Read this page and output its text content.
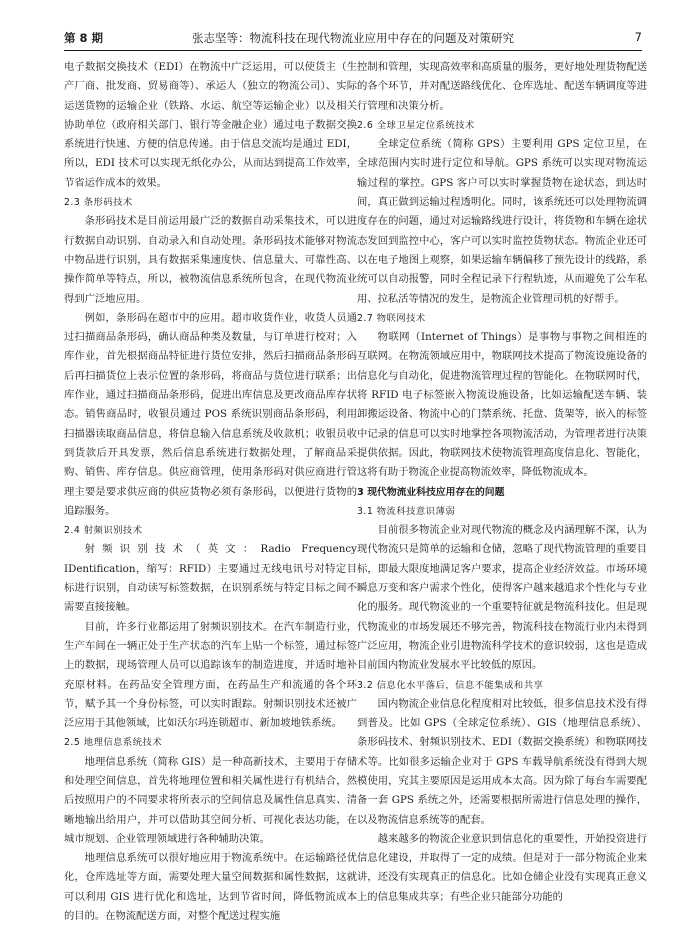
第 8 期	张志坚等：物流科技在现代物流业应用中存在的问题及对策研究	7

电子数据交换技术（EDI）在物流中广泛运用，可以使货主（生产厂商、批发商、贸易商等）、承运人（独立的物流公司）、实际运送货物的运输企业（铁路、水运、航空等运输企业）以及相关协助单位（政府相关部门、银行等金融企业）通过电子数据交换系统进行快速、方便的信息传递。由于信息交流均是通过 EDI，所以，EDI 技术可以实现无纸化办公，从而达到提高工作效率，节省运作成本的效果。

2.3 条形码技术

条形码技术是目前运用最广泛的数据自动采集技术，可以进行数据自动识别、自动录入和自动处理。条形码技术能够对物流中物品进行识别，具有数据采集速度快、信息量大、可靠性高、操作简单等特点，所以，被物流信息系统所包含，在现代物流业得到广泛地应用。

例如，条形码在超市中的应用。超市收货作业，收货人员通过扫描商品条形码，确认商品种类及数量，与订单进行校对；入库作业，首先根据商品特征进行货位安排，然后扫描商品条形码后再扫描货位上表示位置的条形码，将商品与货位进行联系；出库作业，通过扫描商品条形码，促进出库信息及更改商品库存状态。销售商品时，收银员通过 POS 系统识别商品条形码，利用扫描器读取商品信息，将信息输入信息系统及收款机；收银员收到货款后开具发票，然后信息系统进行数据处理，了解商品采购、销售、库存信息。供应商管理，使用条形码对供应商进行管理主要是要求供应商的供应货物必须有条形码，以便进行货物的追踪服务。

2.4 射频识别技术

射频识别技术（英文：Radio Frequency IDentification，缩写：RFID）主要通过无线电讯号对特定目标进行识别，自动读写标签数据，在识别系统与特定目标之间不需要直接接触。

目前，许多行业都运用了射频识别技术。在汽车制造行业，生产车间在一辆正处于生产状态的汽车上贴一个标签，通过标签上的数据，现场管理人员可以追踪该车的制造进度，并适时地补充原材料。在药品安全管理方面，在药品生产和流通的各个环节，赋予其一个身份标签，可以实时跟踪。射频识别技术还被广泛应用于其他领域，比如沃尔玛连锁超市、新加坡地铁系统。

2.5 地理信息系统技术

地理信息系统（简称 GIS）是一种高新技术，主要用于存储和处理空间信息，首先将地理位置和相关属性进行有机结合，然后按照用户的不同要求将所表示的空间信息及属性信息真实、清晰地输出给用户，并可以借助其空间分析、可视化表达功能，在城市规划、企业管理领域进行各种辅助决策。

地理信息系统可以很好地应用于物流系统中。在运输路径优化，仓库选址等方面，需要处理大量空间数据和属性数据，这就可以利用 GIS 进行优化和选址，达到节省时间，降低物流成本的目的。在物流配送方面，对整个配送过程实施

控制和管理，实现高效率和高质量的服务，更好地处理货物配送的各个环节，并对配送路线优化、仓库选址、配送车辆调度等进行管理和决策分析。

2.6 全球卫星定位系统技术

全球定位系统（简称 GPS）主要利用 GPS 定位卫星，在全球范围内实时进行定位和导航。GPS 系统可以实现对物流运输过程的掌控。GPS 客户可以实时掌握货物在途状态，到达时间，真正做到运输过程透明化。同时，该系统还可以处理物流调度存在的问题，通过对运输路线进行设计，将货物和车辆在途状态发回到监控中心，客户可以实时监控货物状态。物流企业还可以在电子地图上观察，如果运输车辆偏移了预先设计的线路，系统可以自动报警，同时全程记录下行程轨迹，从而避免了公车私用、拉私活等情况的发生，是物流企业管理司机的好帮手。

2.7 物联网技术

物联网（Internet of Things）是事物与事物之间相连的互联网。在物流领域应用中，物联网技术提高了物流设施设备的信息化与自动化，促进物流管理过程的智能化。在物联网时代，将 RFID 电子标签嵌入物流设施设备，比如运输配送车辆、装卸搬运设备、物流中心的门禁系统、托盘、货架等，嵌入的标签中记录的信息可以实时地掌控各项物流活动，为管理者进行决策提供依据。因此，物联网技术使物流管理高度信息化、智能化，这将有助于物流企业提高物流效率，降低物流成本。

3 现代物流业科技应用存在的问题
3.1 物流科技意识薄弱

目前很多物流企业对现代物流的概念及内涵理解不深，认为现代物流只是简单的运输和仓储，忽略了现代物流管理的重要目标，即最大限度地满足客户要求，提高企业经济效益。市场环境瞬息万变和客户需求个性化，使得客户越来越追求个性化与专业化的服务。现代物流业的一个重要特征就是物流科技化。但是现代物流业的市场发展还不够完善，物流科技在物流行业内未得到广泛应用，物流企业引进物流科学技术的意识较弱，这也是造成目前国内物流业发展水平比较低的原因。

3.2 信息化水平落后，信息不能集成和共享

国内物流企业信息化程度相对比较低，很多信息技术没有得到普及。比如 GPS（全球定位系统）、GIS（地理信息系统）、条形码技术、射频识别技术、EDI（数据交换系统）和物联网技术等。比如很多运输企业对于 GPS 车载导航系统没有得到大规模使用，究其主要原因是运用成本太高。因为除了每台车需要配备一套 GPS 系统之外，还需要根据所需进行信息处理的操作，以及物流信息系统等的配套。

越来越多的物流企业意识到信息化的重要性，开始投资进行信息化建设，并取得了一定的成绩。但是对于一部分物流企业来讲，还没有实现真正的信息化。比如仓储企业没有实现真正意义上的信息集成共享；有些企业只能部分功能的
